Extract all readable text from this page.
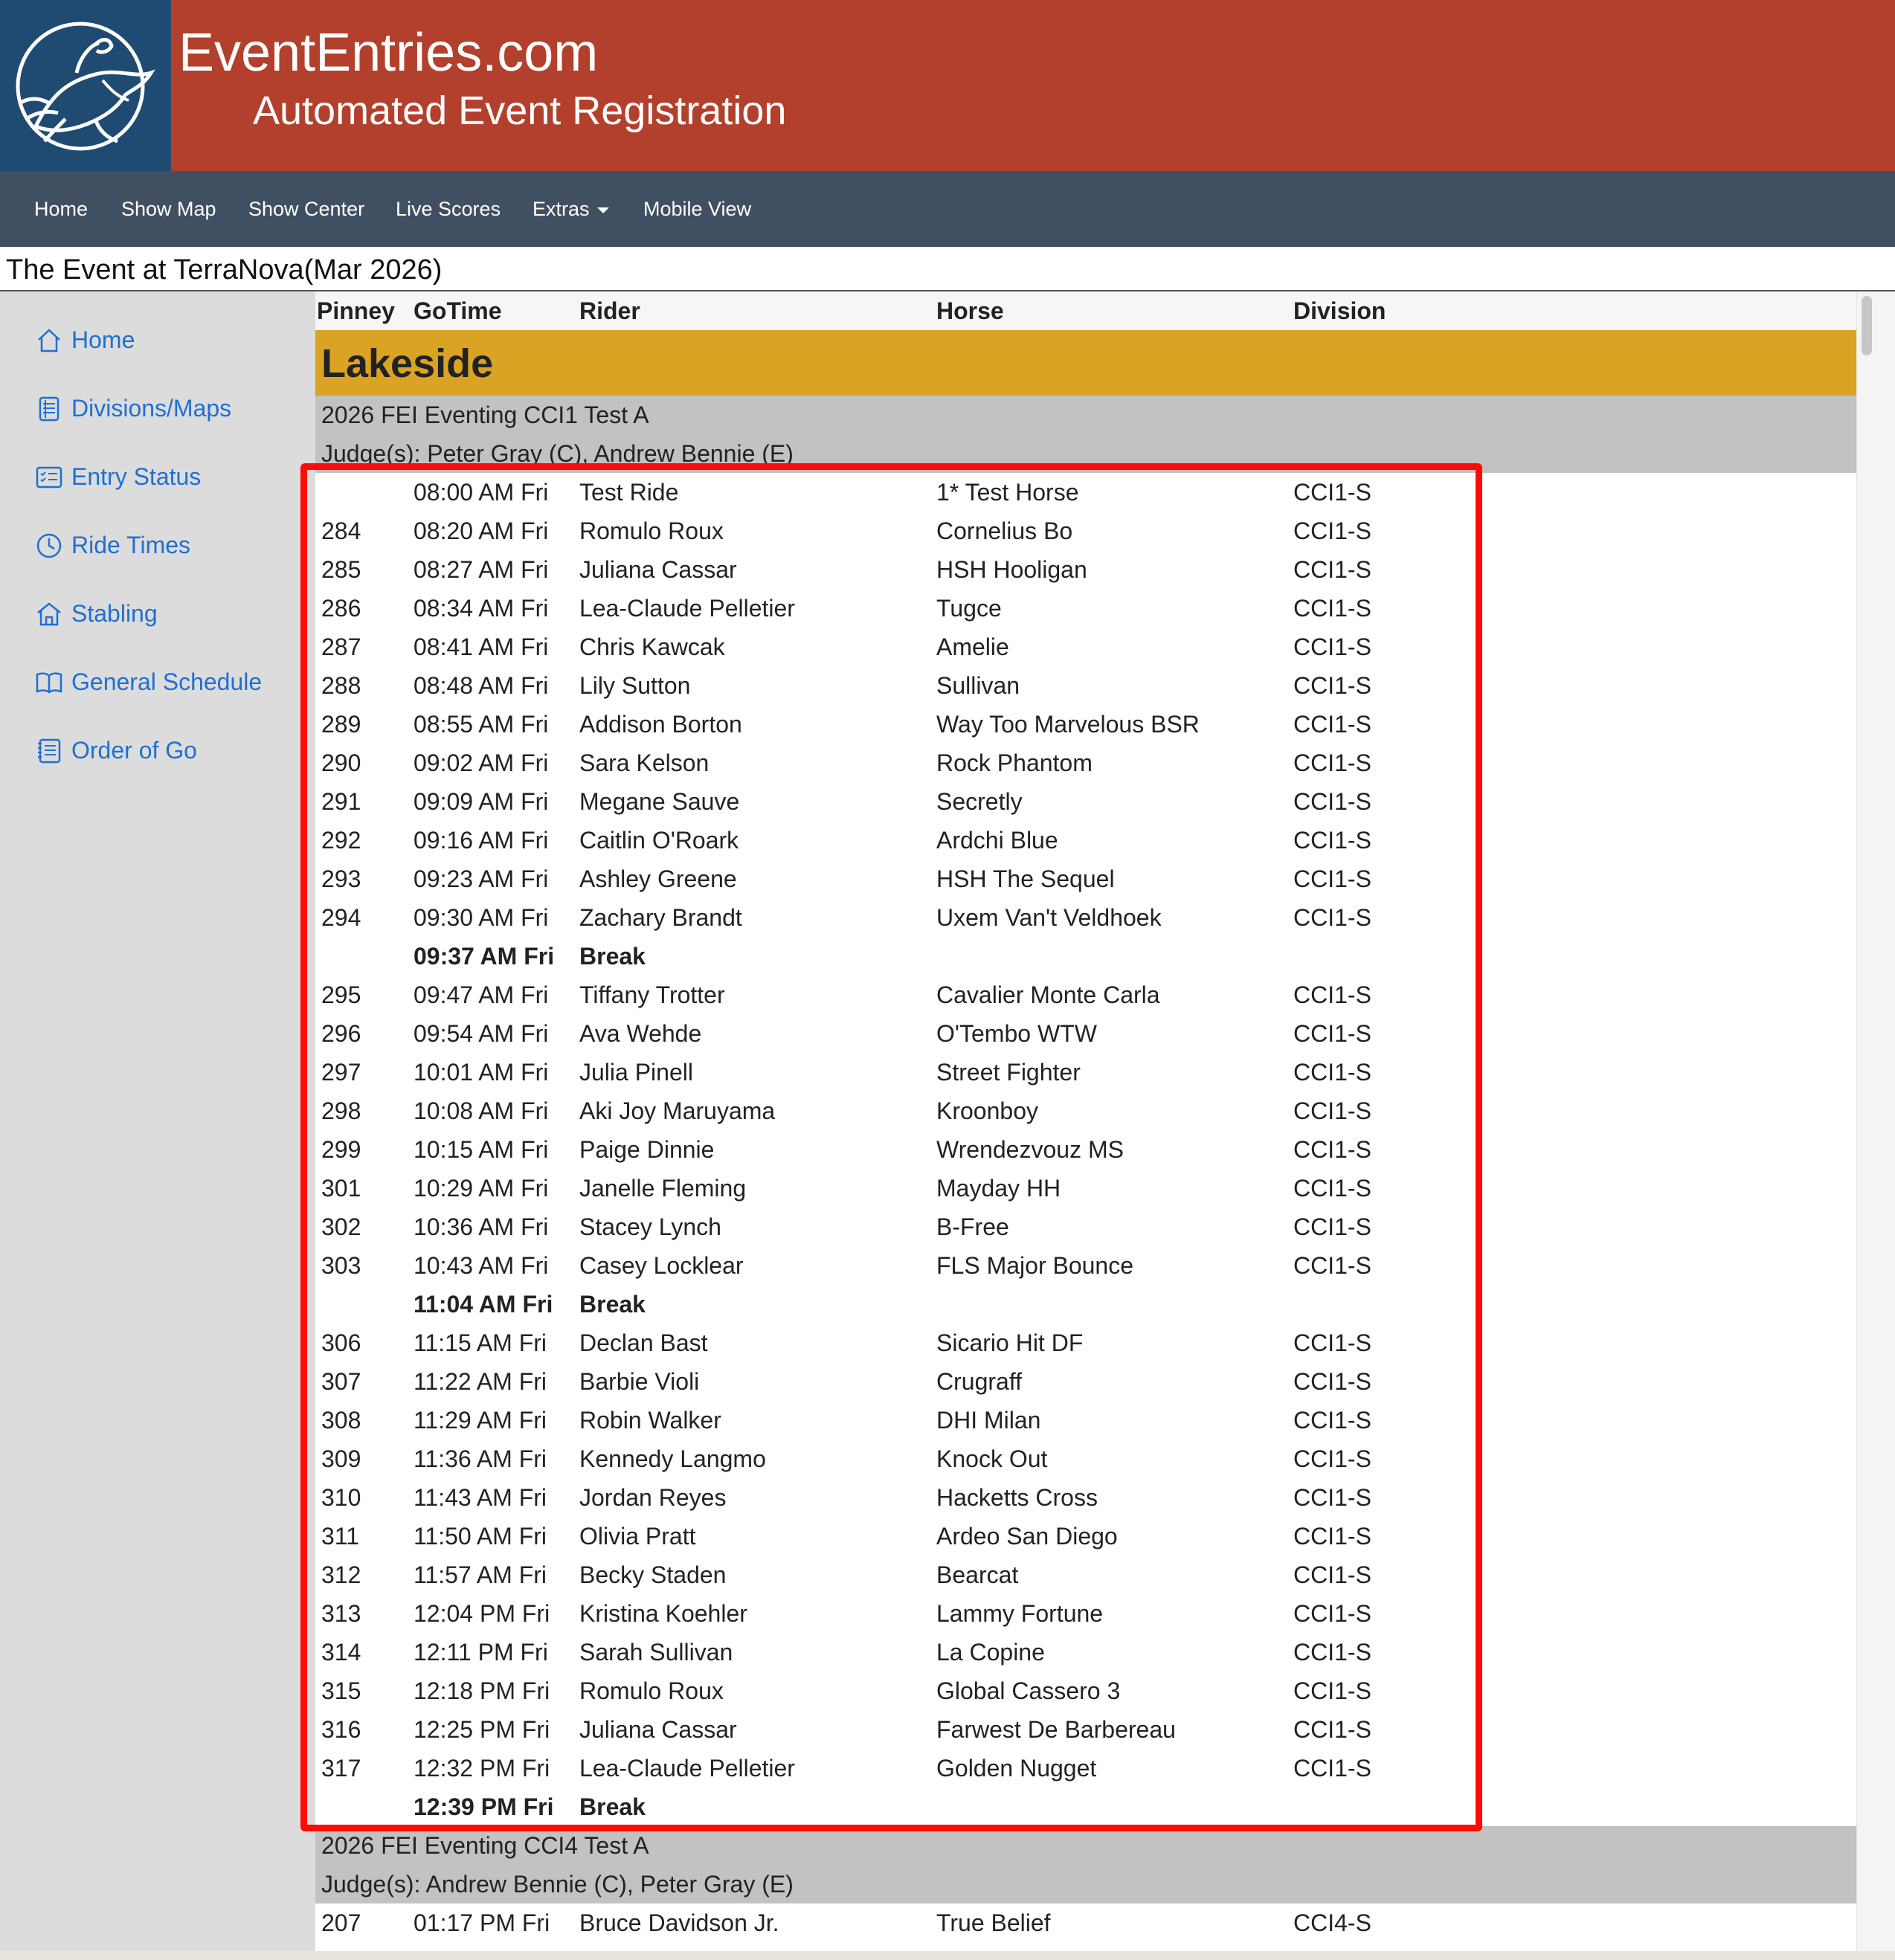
EventEntries.com
Automated Event Registration
Home Show Map Show Center Live Scores Extras	Mobile View
The Event at TerraNova(Mar 2026)
Home
Divisions/Maps
Entry Status
Ride Times
Stabling
General Schedule
Order of Go
Pinney GoTime	Rider	Horse	Division
Lakeside
2026 FEI Eventing CCI1 Test A
Judge(s): Peter Gray (C), Andrew Bennie (E)
08:00 AM Fri Test Ride	1* Test Horse	CCI1-S
284 08:20 AM Fri Romulo Roux	Cornelius Bo	CCI1-S
285 08:27 AM Fri Juliana Cassar	HSH Hooligan	CCI1-S
286 08:34 AM Fri Lea-Claude Pelletier	Tugce	CCI1-S
287 08:41 AM Fri Chris Kawcak	Amelie	CCI1-S
288 08:48 AM Fri Lily Sutton	Sullivan	CCI1-S
289 08:55 AM Fri Addison Borton	Way Too Marvelous BSR	CCI1-S
290 09:02 AM Fri Sara Kelson	Rock Phantom	CCI1-S
291 09:09 AM Fri Megane Sauve	Secretly	CCI1-S
292 09:16 AM Fri Caitlin O'Roark	Ardchi Blue	CCI1-S
293 09:23 AM Fri Ashley Greene	HSH The Sequel	CCI1-S
294 09:30 AM Fri Zachary Brandt	Uxem Van't Veldhoek	CCI1-S
09:37 AM Fri Break
295 09:47 AM Fri Tiffany Trotter	Cavalier Monte Carla	CCI1-S
296 09:54 AM Fri Ava Wehde	O'Tembo WTW	CCI1-S
297 10:01 AM Fri Julia Pinell	Street Fighter	CCI1-S
298 10:08 AM Fri Aki Joy Maruyama	Kroonboy	CCI1-S
299 10:15 AM Fri Paige Dinnie	Wrendezvouz MS	CCI1-S
301 10:29 AM Fri Janelle Fleming	Mayday HH	CCI1-S
302 10:36 AM Fri Stacey Lynch	B-Free	CCI1-S
303 10:43 AM Fri Casey Locklear	FLS Major Bounce	CCI1-S
11:04 AM Fri Break
306 11:15 AM Fri Declan Bast	Sicario Hit DF	CCI1-S
307 11:22 AM Fri Barbie Violi	Crugraff	CCI1-S
308 11:29 AM Fri Robin Walker	DHI Milan	CCI1-S
309 11:36 AM Fri Kennedy Langmo	Knock Out	CCI1-S
310 11:43 AM Fri Jordan Reyes	Hacketts Cross	CCI1-S
311 11:50 AM Fri Olivia Pratt	Ardeo San Diego	CCI1-S
312 11:57 AM Fri Becky Staden	Bearcat	CCI1-S
313 12:04 PM Fri Kristina Koehler	Lammy Fortune	CCI1-S
314 12:11 PM Fri Sarah Sullivan	La Copine	CCI1-S
315 12:18 PM Fri Romulo Roux	Global Cassero 3	CCI1-S
316 12:25 PM Fri Juliana Cassar	Farwest De Barbereau	CCI1-S
317 12:32 PM Fri Lea-Claude Pelletier	Golden Nugget	CCI1-S
12:39 PM Fri Break
2026 FEI Eventing CCI4 Test A
Judge(s): Andrew Bennie (C), Peter Gray (E)
207 01:17 PM Fri Bruce Davidson Jr.	True Belief	CCI4-S
